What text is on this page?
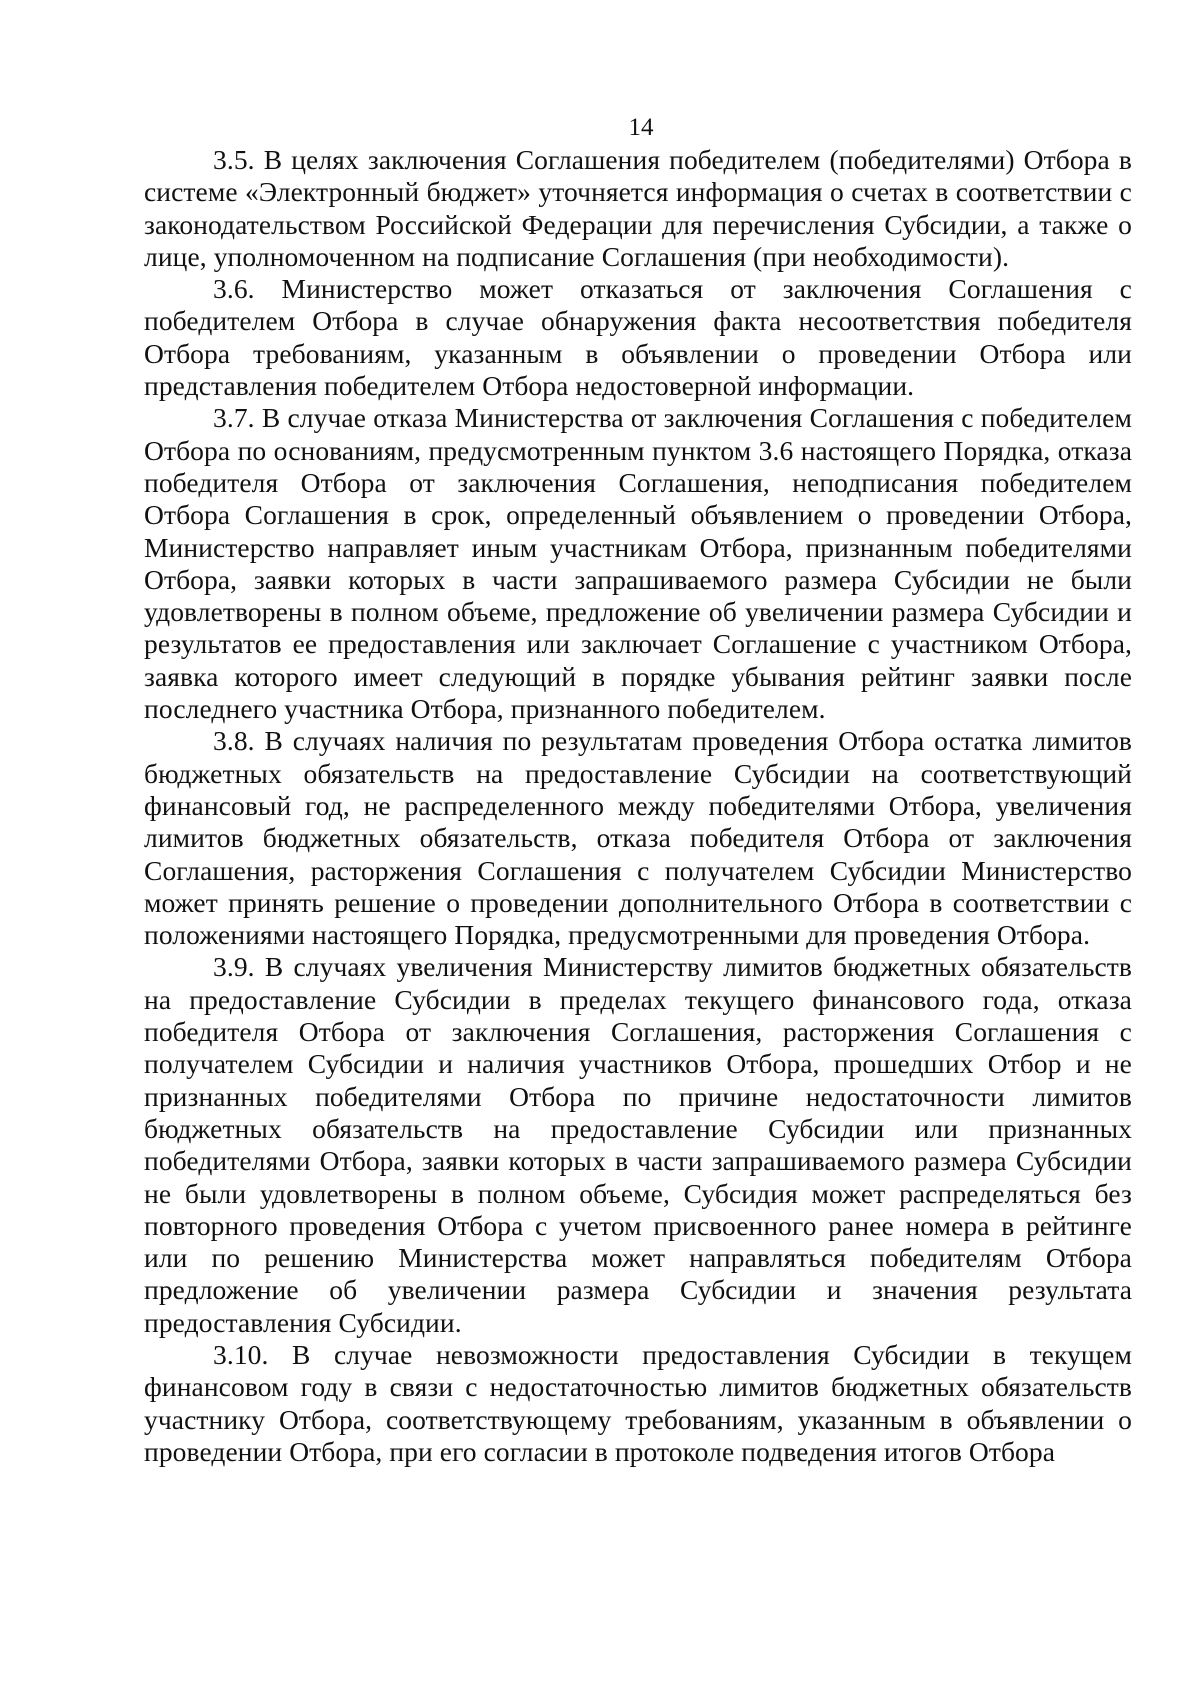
14

3.5. В целях заключения Соглашения победителем (победителями) Отбора в системе «Электронный бюджет» уточняется информация о счетах в соответствии с законодательством Российской Федерации для перечисления Субсидии, а также о лице, уполномоченном на подписание Соглашения (при необходимости).

3.6. Министерство может отказаться от заключения Соглашения с победителем Отбора в случае обнаружения факта несоответствия победителя Отбора требованиям, указанным в объявлении о проведении Отбора или представления победителем Отбора недостоверной информации.

3.7. В случае отказа Министерства от заключения Соглашения с победителем Отбора по основаниям, предусмотренным пунктом 3.6 настоящего Порядка, отказа победителя Отбора от заключения Соглашения, неподписания победителем Отбора Соглашения в срок, определенный объявлением о проведении Отбора, Министерство направляет иным участникам Отбора, признанным победителями Отбора, заявки которых в части запрашиваемого размера Субсидии не были удовлетворены в полном объеме, предложение об увеличении размера Субсидии и результатов ее предоставления или заключает Соглашение с участником Отбора, заявка которого имеет следующий в порядке убывания рейтинг заявки после последнего участника Отбора, признанного победителем.

3.8. В случаях наличия по результатам проведения Отбора остатка лимитов бюджетных обязательств на предоставление Субсидии на соответствующий финансовый год, не распределенного между победителями Отбора, увеличения лимитов бюджетных обязательств, отказа победителя Отбора от заключения Соглашения, расторжения Соглашения с получателем Субсидии Министерство может принять решение о проведении дополнительного Отбора в соответствии с положениями настоящего Порядка, предусмотренными для проведения Отбора.

3.9. В случаях увеличения Министерству лимитов бюджетных обязательств на предоставление Субсидии в пределах текущего финансового года, отказа победителя Отбора от заключения Соглашения, расторжения Соглашения с получателем Субсидии и наличия участников Отбора, прошедших Отбор и не признанных победителями Отбора по причине недостаточности лимитов бюджетных обязательств на предоставление Субсидии или признанных победителями Отбора, заявки которых в части запрашиваемого размера Субсидии не были удовлетворены в полном объеме, Субсидия может распределяться без повторного проведения Отбора с учетом присвоенного ранее номера в рейтинге или по решению Министерства может направляться победителям Отбора предложение об увеличении размера Субсидии и значения результата предоставления Субсидии.

3.10. В случае невозможности предоставления Субсидии в текущем финансовом году в связи с недостаточностью лимитов бюджетных обязательств участнику Отбора, соответствующему требованиям, указанным в объявлении о проведении Отбора, при его согласии в протоколе подведения итогов Отбора
